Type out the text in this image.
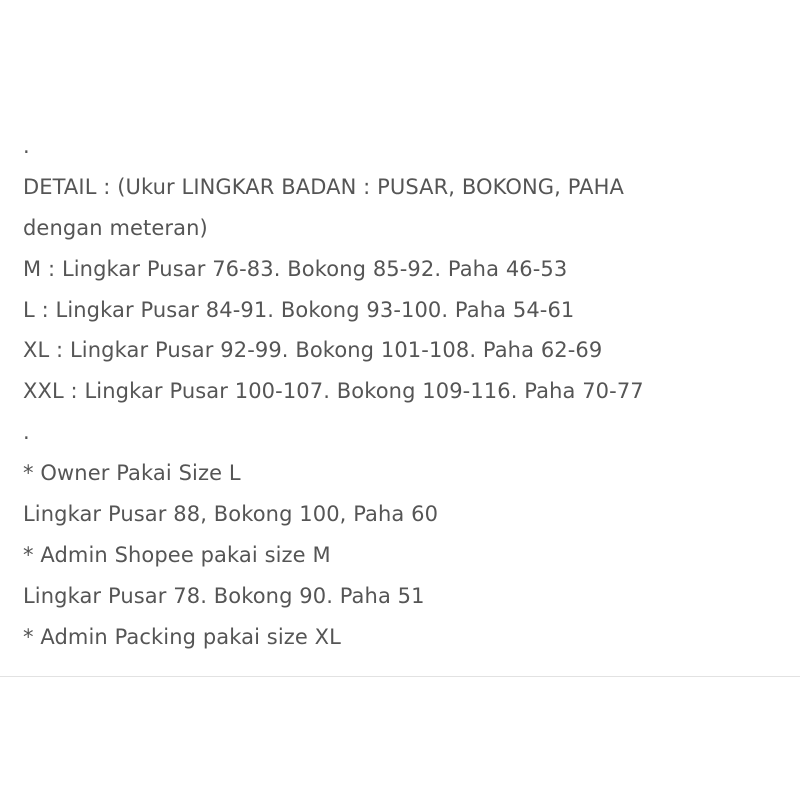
.
DETAIL : (Ukur LINGKAR BADAN : PUSAR, BOKONG, PAHA
dengan meteran)
M : Lingkar Pusar 76-83. Bokong 85-92. Paha 46-53
L : Lingkar Pusar 84-91. Bokong 93-100. Paha 54-61
XL : Lingkar Pusar 92-99. Bokong 101-108. Paha 62-69
XXL : Lingkar Pusar 100-107. Bokong 109-116. Paha 70-77
.
* Owner Pakai Size L
Lingkar Pusar 88, Bokong 100, Paha 60
* Admin Shopee pakai size M
Lingkar Pusar 78. Bokong 90. Paha 51
* Admin Packing pakai size XL
